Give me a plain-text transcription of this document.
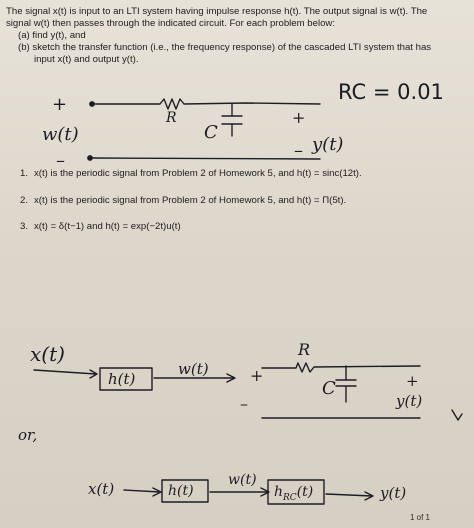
The signal x(t) is input to an LTI system having impulse response h(t). The output signal is w(t). The
signal w(t) then passes through the indicated circuit. For each problem below:
(a) find y(t), and
(b) sketch the transfer function (i.e., the frequency response) of the cascaded LTI system that has
input x(t) and output y(t).
RC = 0.01
+
w(t)
–
R
C
+
– y(t)
1. x(t) is the periodic signal from Problem 2 of Homework 5, and h(t) = sinc(12t).
2. x(t) is the periodic signal from Problem 2 of Homework 5, and h(t) = Π(5t).
3. x(t) = δ(t−1) and h(t) = exp(−2t)u(t)
x(t)
h(t)
w(t)	+
–
R
C	+
y(t)
or,
x(t)	h(t)
w(t)
$h_{RC}(t)$	y(t)
1 of 1
